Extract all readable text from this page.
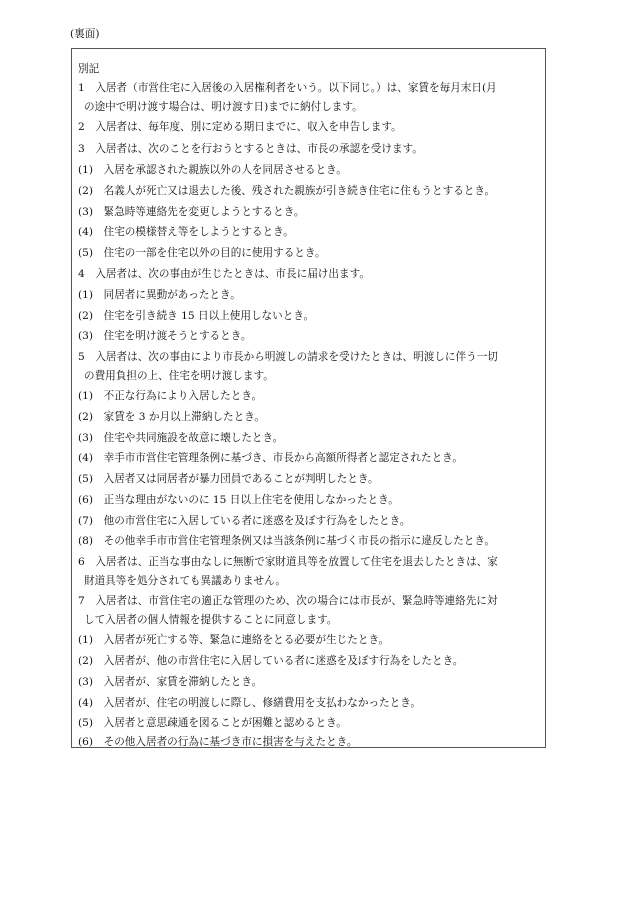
(裏面)
別記
1　入居者（市営住宅に入居後の入居権利者をいう。以下同じ。）は、家賃を毎月末日(月
の途中で明け渡す場合は、明け渡す日)までに納付します。
2　入居者は、毎年度、別に定める期日までに、収入を申告します。
3　入居者は、次のことを行おうとするときは、市長の承認を受けます。
(1)　入居を承認された親族以外の人を同居させるとき。
(2)　名義人が死亡又は退去した後、残された親族が引き続き住宅に住もうとするとき。
(3)　緊急時等連絡先を変更しようとするとき。
(4)　住宅の模様替え等をしようとするとき。
(5)　住宅の一部を住宅以外の目的に使用するとき。
4　入居者は、次の事由が生じたときは、市長に届け出ます。
(1)　同居者に異動があったとき。
(2)　住宅を引き続き 15 日以上使用しないとき。
(3)　住宅を明け渡そうとするとき。
5　入居者は、次の事由により市長から明渡しの請求を受けたときは、明渡しに伴う一切
の費用負担の上、住宅を明け渡します。
(1)　不正な行為により入居したとき。
(2)　家賃を 3 か月以上滞納したとき。
(3)　住宅や共同施設を故意に壊したとき。
(4)　幸手市市営住宅管理条例に基づき、市長から高額所得者と認定されたとき。
(5)　入居者又は同居者が暴力団員であることが判明したとき。
(6)　正当な理由がないのに 15 日以上住宅を使用しなかったとき。
(7)　他の市営住宅に入居している者に迷惑を及ぼす行為をしたとき。
(8)　その他幸手市市営住宅管理条例又は当該条例に基づく市長の指示に違反したとき。
6　入居者は、正当な事由なしに無断で家財道具等を放置して住宅を退去したときは、家
財道具等を処分されても異議ありません。
7　入居者は、市営住宅の適正な管理のため、次の場合には市長が、緊急時等連絡先に対
して入居者の個人情報を提供することに同意します。
(1)　入居者が死亡する等、緊急に連絡をとる必要が生じたとき。
(2)　入居者が、他の市営住宅に入居している者に迷惑を及ぼす行為をしたとき。
(3)　入居者が、家賃を滞納したとき。
(4)　入居者が、住宅の明渡しに際し、修繕費用を支払わなかったとき。
(5)　入居者と意思疎通を図ることが困難と認めるとき。
(6)　その他入居者の行為に基づき市に損害を与えたとき。
